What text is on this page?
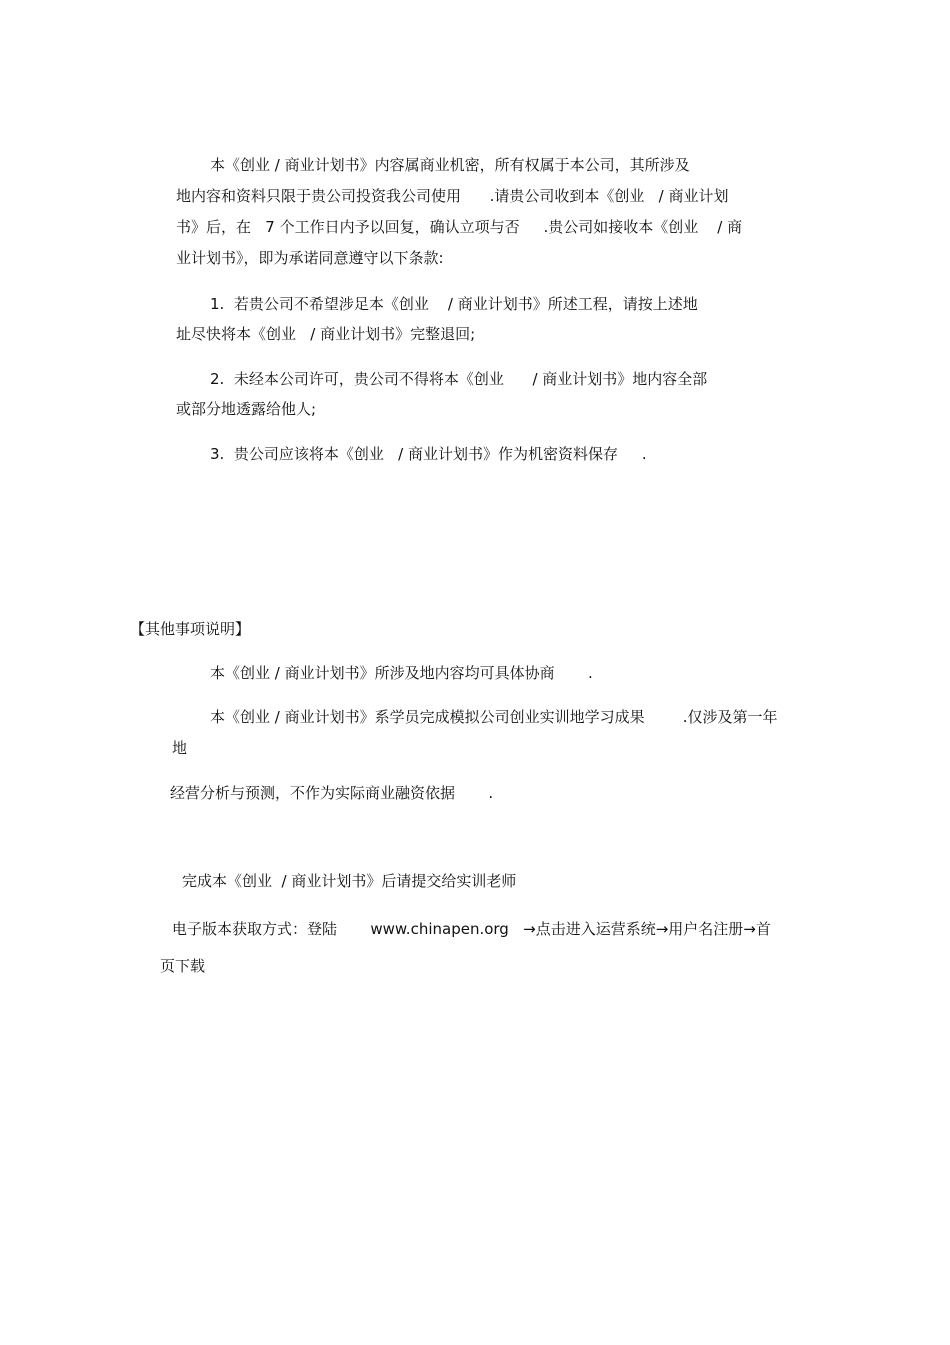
本《创业 / 商业计划书》内容属商业机密，所有权属于本公司，其所涉及
地内容和资料只限于贵公司投资我公司使用      .请贵公司收到本《创业   / 商业计划
书》后，在   7 个工作日内予以回复，确认立项与否     .贵公司如接收本《创业    / 商
业计划书》，即为承诺同意遵守以下条款:
1.  若贵公司不希望涉足本《创业    / 商业计划书》所述工程，请按上述地
址尽快将本《创业   / 商业计划书》完整退回;
2.  未经本公司许可，贵公司不得将本《创业      / 商业计划书》地内容全部
或部分地透露给他人;
3.  贵公司应该将本《创业   / 商业计划书》作为机密资料保存     .
【其他事项说明】
本《创业 / 商业计划书》所涉及地内容均可具体协商       .
本《创业 / 商业计划书》系学员完成模拟公司创业实训地学习成果        .仅涉及第一年
地
经营分析与预测，不作为实际商业融资依据       .
完成本《创业  / 商业计划书》后请提交给实训老师
电子版本获取方式：登陆       www.chinapen.org   →点击进入运营系统→用户名注册→首
页下载
